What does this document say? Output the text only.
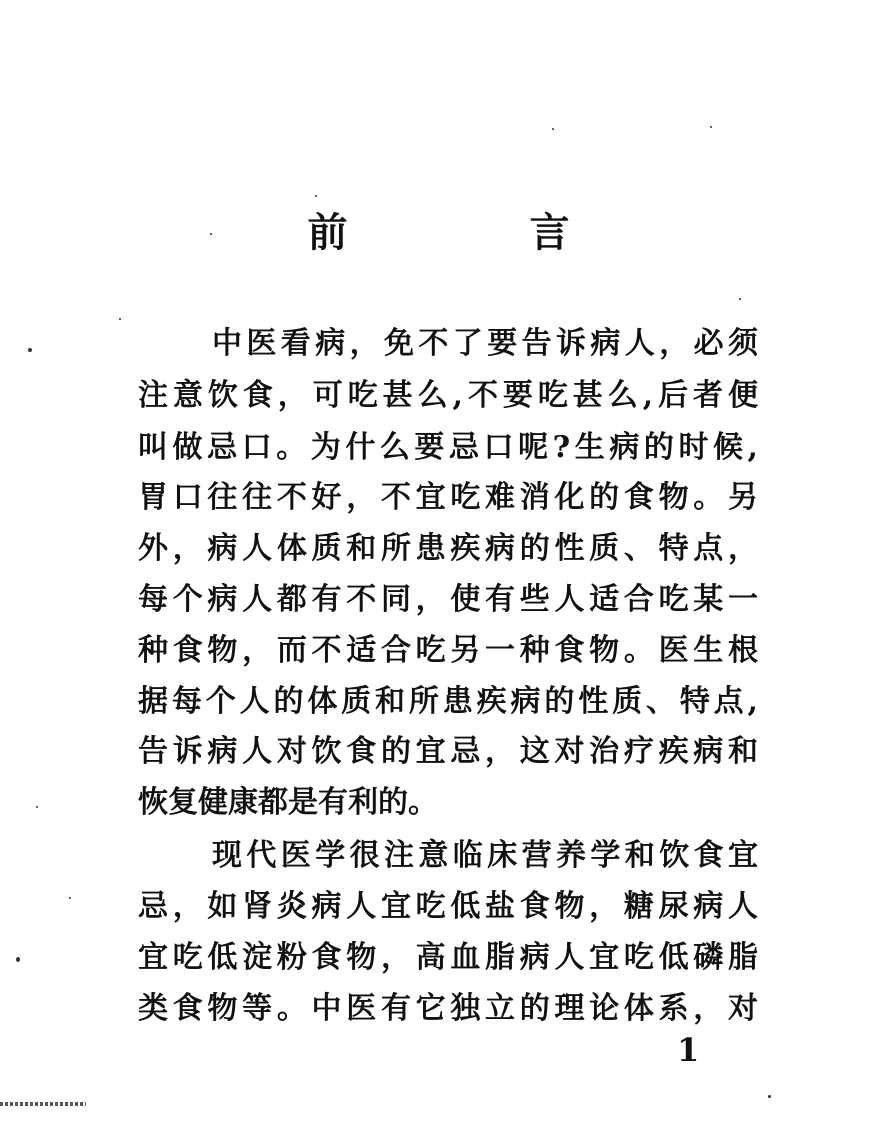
前 言
中医看病，免不了要告诉病人，必须
注意饮食，可吃甚么,不要吃甚么,后者便
叫做忌口。为什么要忌口呢?生病的时候,
胃口往往不好，不宜吃难消化的食物。另
外，病人体质和所患疾病的性质、特点，
每个病人都有不同，使有些人适合吃某一
种食物，而不适合吃另一种食物。医生根
据每个人的体质和所患疾病的性质、特点,
告诉病人对饮食的宜忌，这对治疗疾病和
恢复健康都是有利的。
现代医学很注意临床营养学和饮食宜
忌，如肾炎病人宜吃低盐食物，糖尿病人
宜吃低淀粉食物，高血脂病人宜吃低磷脂
类食物等。中医有它独立的理论体系，对
1
